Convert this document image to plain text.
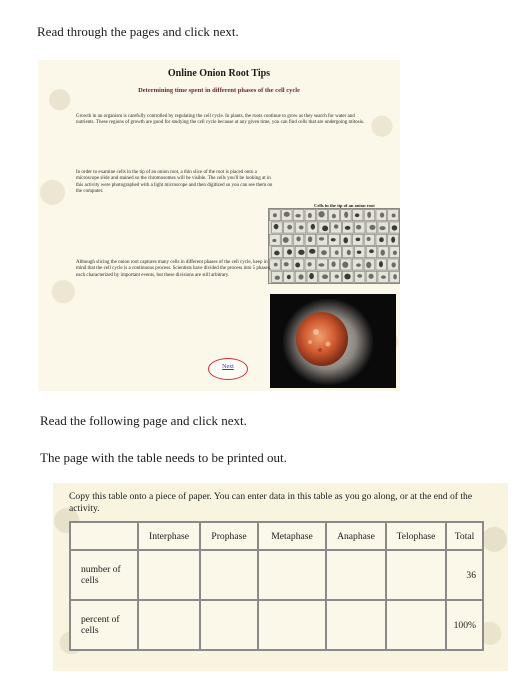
Read through the pages and click next.
Online Onion Root Tips
Determining time spent in different phases of the cell cycle
Growth in an organism is carefully controlled by regulating the cell cycle. In plants, the roots continue to grow as they search for water and nutrients. These regions of growth are good for studying the cell cycle because at any given time, you can find cells that are undergoing mitosis.
In order to examine cells in the tip of an onion root, a thin slice of the root is placed onto a microscope slide and stained so the chromosomes will be visible. The cells you'll be looking at in this activity were photographed with a light microscope and then digitized so you can see them on the computer.
Cells in the tip of an onion root
Although slicing the onion root captures many cells in different phases of the cell cycle, keep in mind that the cell cycle is a continuous process. Scientists have divided the process into 5 phases, each characterized by important events, but these divisions are still arbitrary.
Next
Read the following page and click next.
The page with the table needs to be printed out.
Copy this table onto a piece of paper. You can enter data in this table as you go along, or at the end of the activity.
	Interphase	Prophase	Metaphase	Anaphase	Telophase	Total
number of cells						36
percent of cells						100%
